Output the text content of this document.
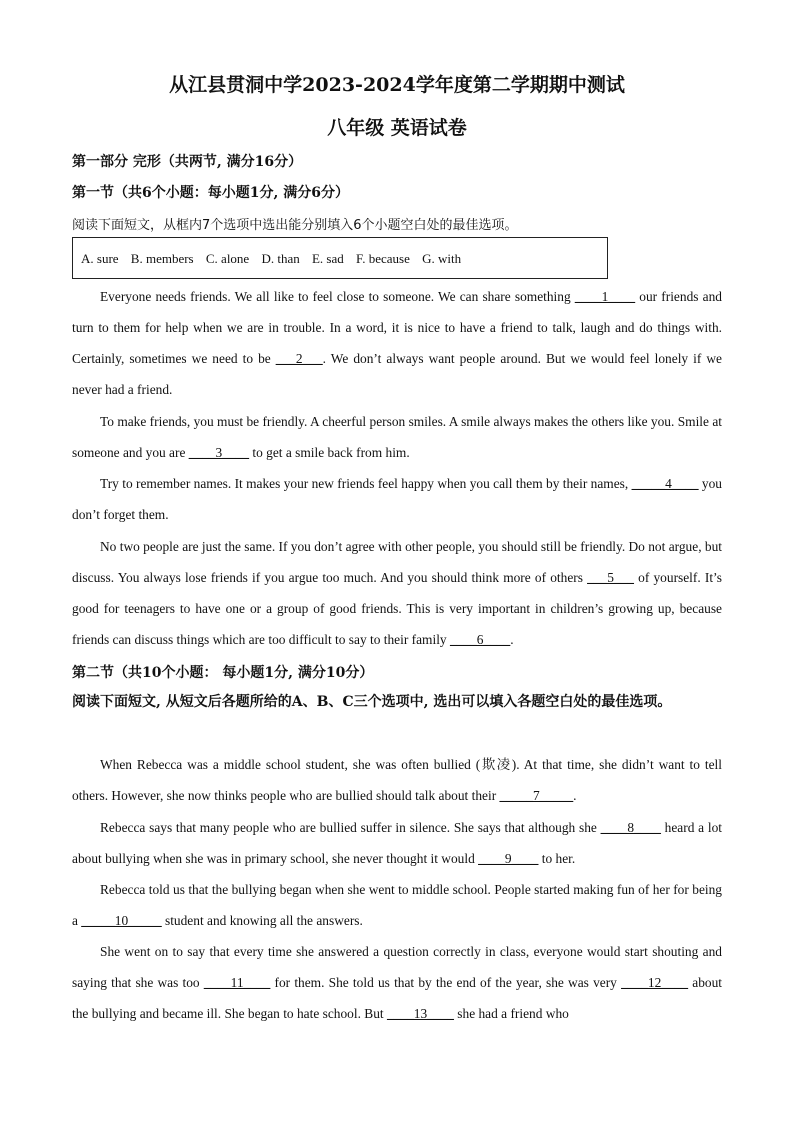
从江县贯洞中学2023-2024学年度第二学期期中测试
八年级 英语试卷
第一部分 完形（共两节, 满分16分）
第一节（共6个小题：每小题1分, 满分6分）
阅读下面短文，从框内7个选项中选出能分别填入6个小题空白处的最佳选项。
A. sure B. members C. alone D. than E. sad F. because G. with

Everyone needs friends. We all like to feel close to someone. We can share something ____1____ our friends and turn to them for help when we are in trouble. In a word, it is nice to have a friend to talk, laugh and do things with. Certainly, sometimes we need to be ___2___. We don’t always want people around. But we would feel lonely if we never had a friend.

To make friends, you must be friendly. A cheerful person smiles. A smile always makes the others like you. Smile at someone and you are ____3____ to get a smile back from him.

Try to remember names. It makes your new friends feel happy when you call them by their names, _____4____ you don’t forget them.

No two people are just the same. If you don’t agree with other people, you should still be friendly. Do not argue, but discuss. You always lose friends if you argue too much. And you should think more of others ___5___ of yourself. It’s good for teenagers to have one or a group of good friends. This is very important in children’s growing up, because friends can discuss things which are too difficult to say to their family ____6____.

第二节（共10个小题： 每小题1分, 满分10分）
阅读下面短文, 从短文后各题所给的A、B、C三个选项中, 选出可以填入各题空白处的最佳选项。

When Rebecca was a middle school student, she was often bullied (欺凌). At that time, she didn’t want to tell others. However, she now thinks people who are bullied should talk about their _____7_____.

Rebecca says that many people who are bullied suffer in silence. She says that although she ____8____ heard a lot about bullying when she was in primary school, she never thought it would ____9____ to her.

Rebecca told us that the bullying began when she went to middle school. People started making fun of her for being a _____10_____ student and knowing all the answers.

She went on to say that every time she answered a question correctly in class, everyone would start shouting and saying that she was too ____11____ for them. She told us that by the end of the year, she was very ____12____ about the bullying and became ill. She began to hate school. But ____13____ she had a friend who
